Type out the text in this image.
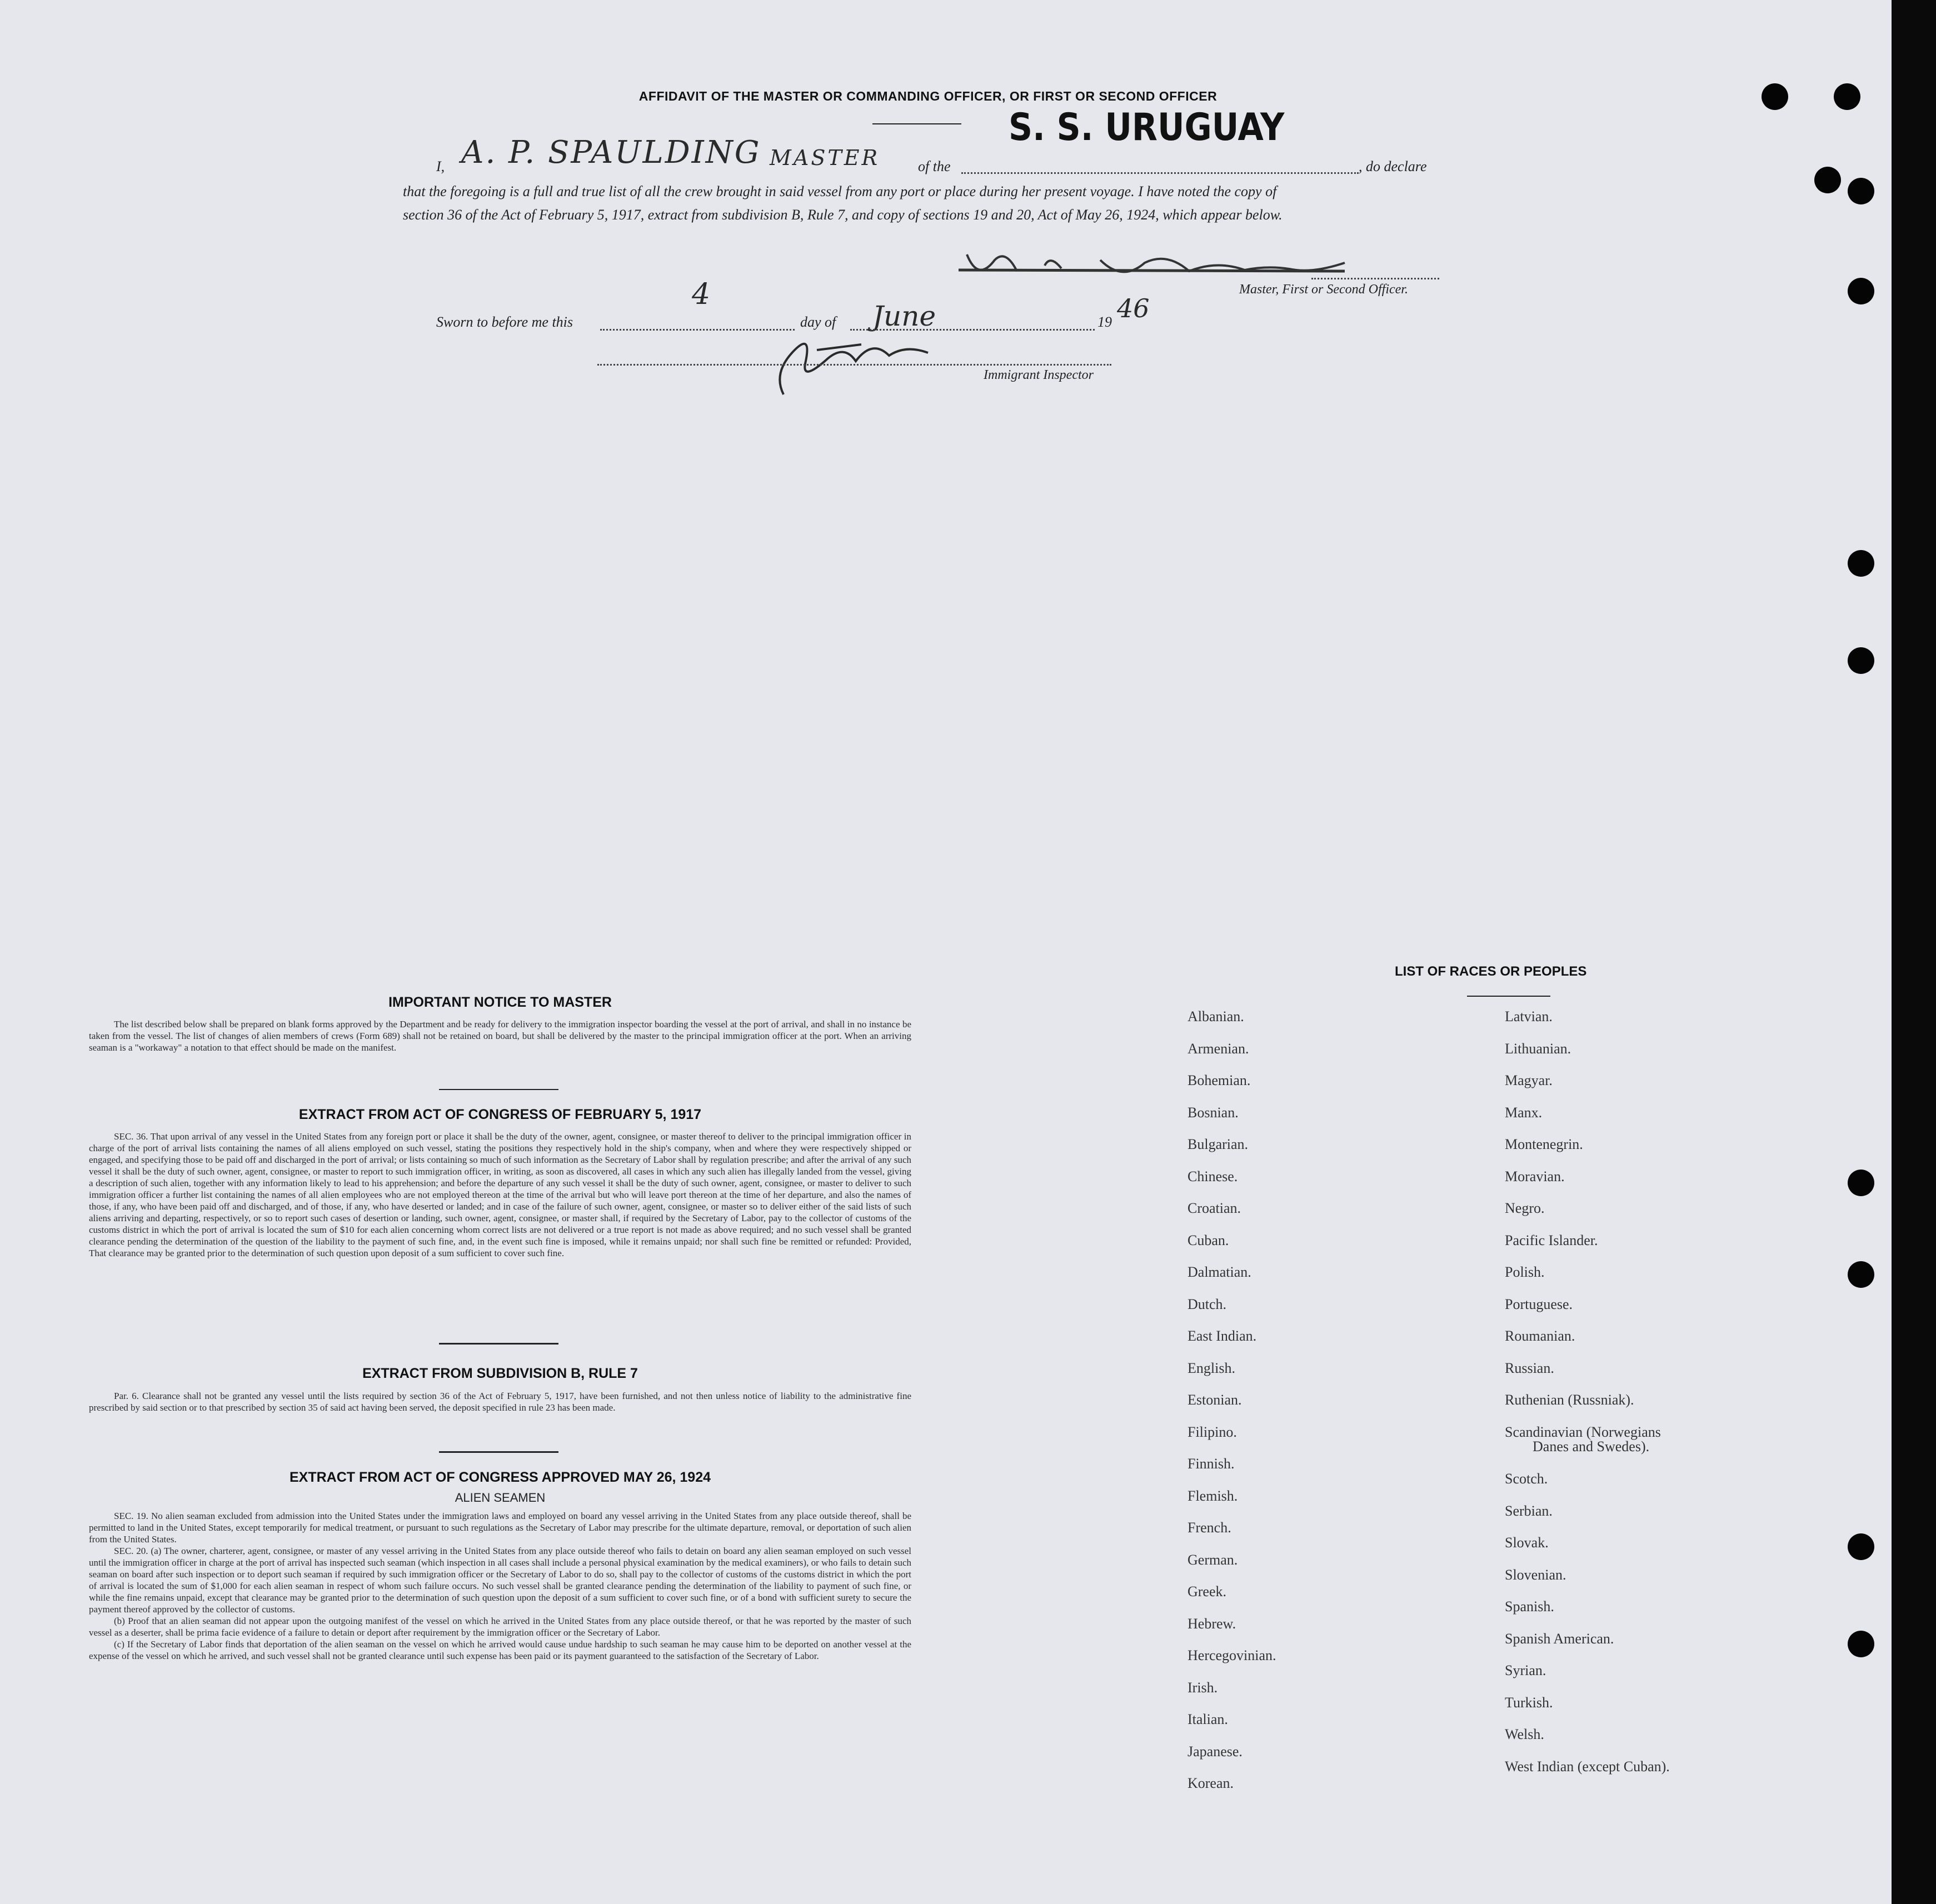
AFFIDAVIT OF THE MASTER OR COMMANDING OFFICER, OR FIRST OR SECOND OFFICER
S. S. URUGUAY
I, A. P. SPAULDING MASTER	of the	, do declare
that the foregoing is a full and true list of all the crew brought in said vessel from any port or place during her present voyage. I have noted the copy of
section 36 of the Act of February 5, 1917, extract from subdivision B, Rule 7, and copy of sections 19 and 20, Act of May 26, 1924, which appear below.
Master, First or Second Officer.
Sworn to before me this
4
day of June	19 46
Immigrant Inspector
IMPORTANT NOTICE TO MASTER

The list described below shall be prepared on blank forms approved by the Department and be ready for delivery to the immigration inspector boarding the vessel at the port of arrival, and shall in no instance be taken from the vessel. The list of changes of alien members of crews (Form 689) shall not be retained on board, but shall be delivered by the master to the principal immigration officer at the port. When an arriving seaman is a "workaway" a notation to that effect should be made on the manifest.

EXTRACT FROM ACT OF CONGRESS OF FEBRUARY 5, 1917

SEC. 36. That upon arrival of any vessel in the United States from any foreign port or place it shall be the duty of the owner, agent, consignee, or master thereof to deliver to the principal immigration officer in charge of the port of arrival lists containing the names of all aliens employed on such vessel, stating the positions they respectively hold in the ship's company, when and where they were respectively shipped or engaged, and specifying those to be paid off and discharged in the port of arrival; or lists containing so much of such information as the Secretary of Labor shall by regulation prescribe; and after the arrival of any such vessel it shall be the duty of such owner, agent, consignee, or master to report to such immigration officer, in writing, as soon as discovered, all cases in which any such alien has illegally landed from the vessel, giving a description of such alien, together with any information likely to lead to his apprehension; and before the departure of any such vessel it shall be the duty of such owner, agent, consignee, or master to deliver to such immigration officer a further list containing the names of all alien employees who are not employed thereon at the time of the arrival but who will leave port thereon at the time of her departure, and also the names of those, if any, who have been paid off and discharged, and of those, if any, who have deserted or landed; and in case of the failure of such owner, agent, consignee, or master so to deliver either of the said lists of such aliens arriving and departing, respectively, or so to report such cases of desertion or landing, such owner, agent, consignee, or master shall, if required by the Secretary of Labor, pay to the collector of customs of the customs district in which the port of arrival is located the sum of $10 for each alien concerning whom correct lists are not delivered or a true report is not made as above required; and no such vessel shall be granted clearance pending the determination of the question of the liability to the payment of such fine, and, in the event such fine is imposed, while it remains unpaid; nor shall such fine be remitted or refunded: Provided, That clearance may be granted prior to the determination of such question upon deposit of a sum sufficient to cover such fine.

EXTRACT FROM SUBDIVISION B, RULE 7

Par. 6. Clearance shall not be granted any vessel until the lists required by section 36 of the Act of February 5, 1917, have been furnished, and not then unless notice of liability to the administrative fine prescribed by said section or to that prescribed by section 35 of said act having been served, the deposit specified in rule 23 has been made.

EXTRACT FROM ACT OF CONGRESS APPROVED MAY 26, 1924
ALIEN SEAMEN

SEC. 19. No alien seaman excluded from admission into the United States under the immigration laws and employed on board any vessel arriving in the United States from any place outside thereof, shall be permitted to land in the United States, except temporarily for medical treatment, or pursuant to such regulations as the Secretary of Labor may prescribe for the ultimate departure, removal, or deportation of such alien from the United States.

SEC. 20. (a) The owner, charterer, agent, consignee, or master of any vessel arriving in the United States from any place outside thereof who fails to detain on board any alien seaman employed on such vessel until the immigration officer in charge at the port of arrival has inspected such seaman (which inspection in all cases shall include a personal physical examination by the medical examiners), or who fails to detain such seaman on board after such inspection or to deport such seaman if required by such immigration officer or the Secretary of Labor to do so, shall pay to the collector of customs of the customs district in which the port of arrival is located the sum of $1,000 for each alien seaman in respect of whom such failure occurs. No such vessel shall be granted clearance pending the determination of the liability to payment of such fine, or while the fine remains unpaid, except that clearance may be granted prior to the determination of such question upon the deposit of a sum sufficient to cover such fine, or of a bond with sufficient surety to secure the payment thereof approved by the collector of customs.

(b) Proof that an alien seaman did not appear upon the outgoing manifest of the vessel on which he arrived in the United States from any place outside thereof, or that he was reported by the master of such vessel as a deserter, shall be prima facie evidence of a failure to detain or deport after requirement by the immigration officer or the Secretary of Labor.

(c) If the Secretary of Labor finds that deportation of the alien seaman on the vessel on which he arrived would cause undue hardship to such seaman he may cause him to be deported on another vessel at the expense of the vessel on which he arrived, and such vessel shall not be granted clearance until such expense has been paid or its payment guaranteed to the satisfaction of the Secretary of Labor.

LIST OF RACES OR PEOPLES
Albanian.
Armenian.
Bohemian.
Bosnian.
Bulgarian.
Chinese.
Croatian.
Cuban.
Dalmatian.
Dutch.
East Indian.
English.
Estonian.
Filipino.
Finnish.
Flemish.
French.
German.
Greek.
Hebrew.
Hercegovinian.
Irish.
Italian.
Japanese.
Korean.
Latvian.
Lithuanian.
Magyar.
Manx.
Montenegrin.
Moravian.
Negro.
Pacific Islander.
Polish.
Portuguese.
Roumanian.
Russian.
Ruthenian (Russniak).
Scandinavian (Norwegians
Danes and Swedes).
Scotch.
Serbian.
Slovak.
Slovenian.
Spanish.
Spanish American.
Syrian.
Turkish.
Welsh.
West Indian (except Cuban).
